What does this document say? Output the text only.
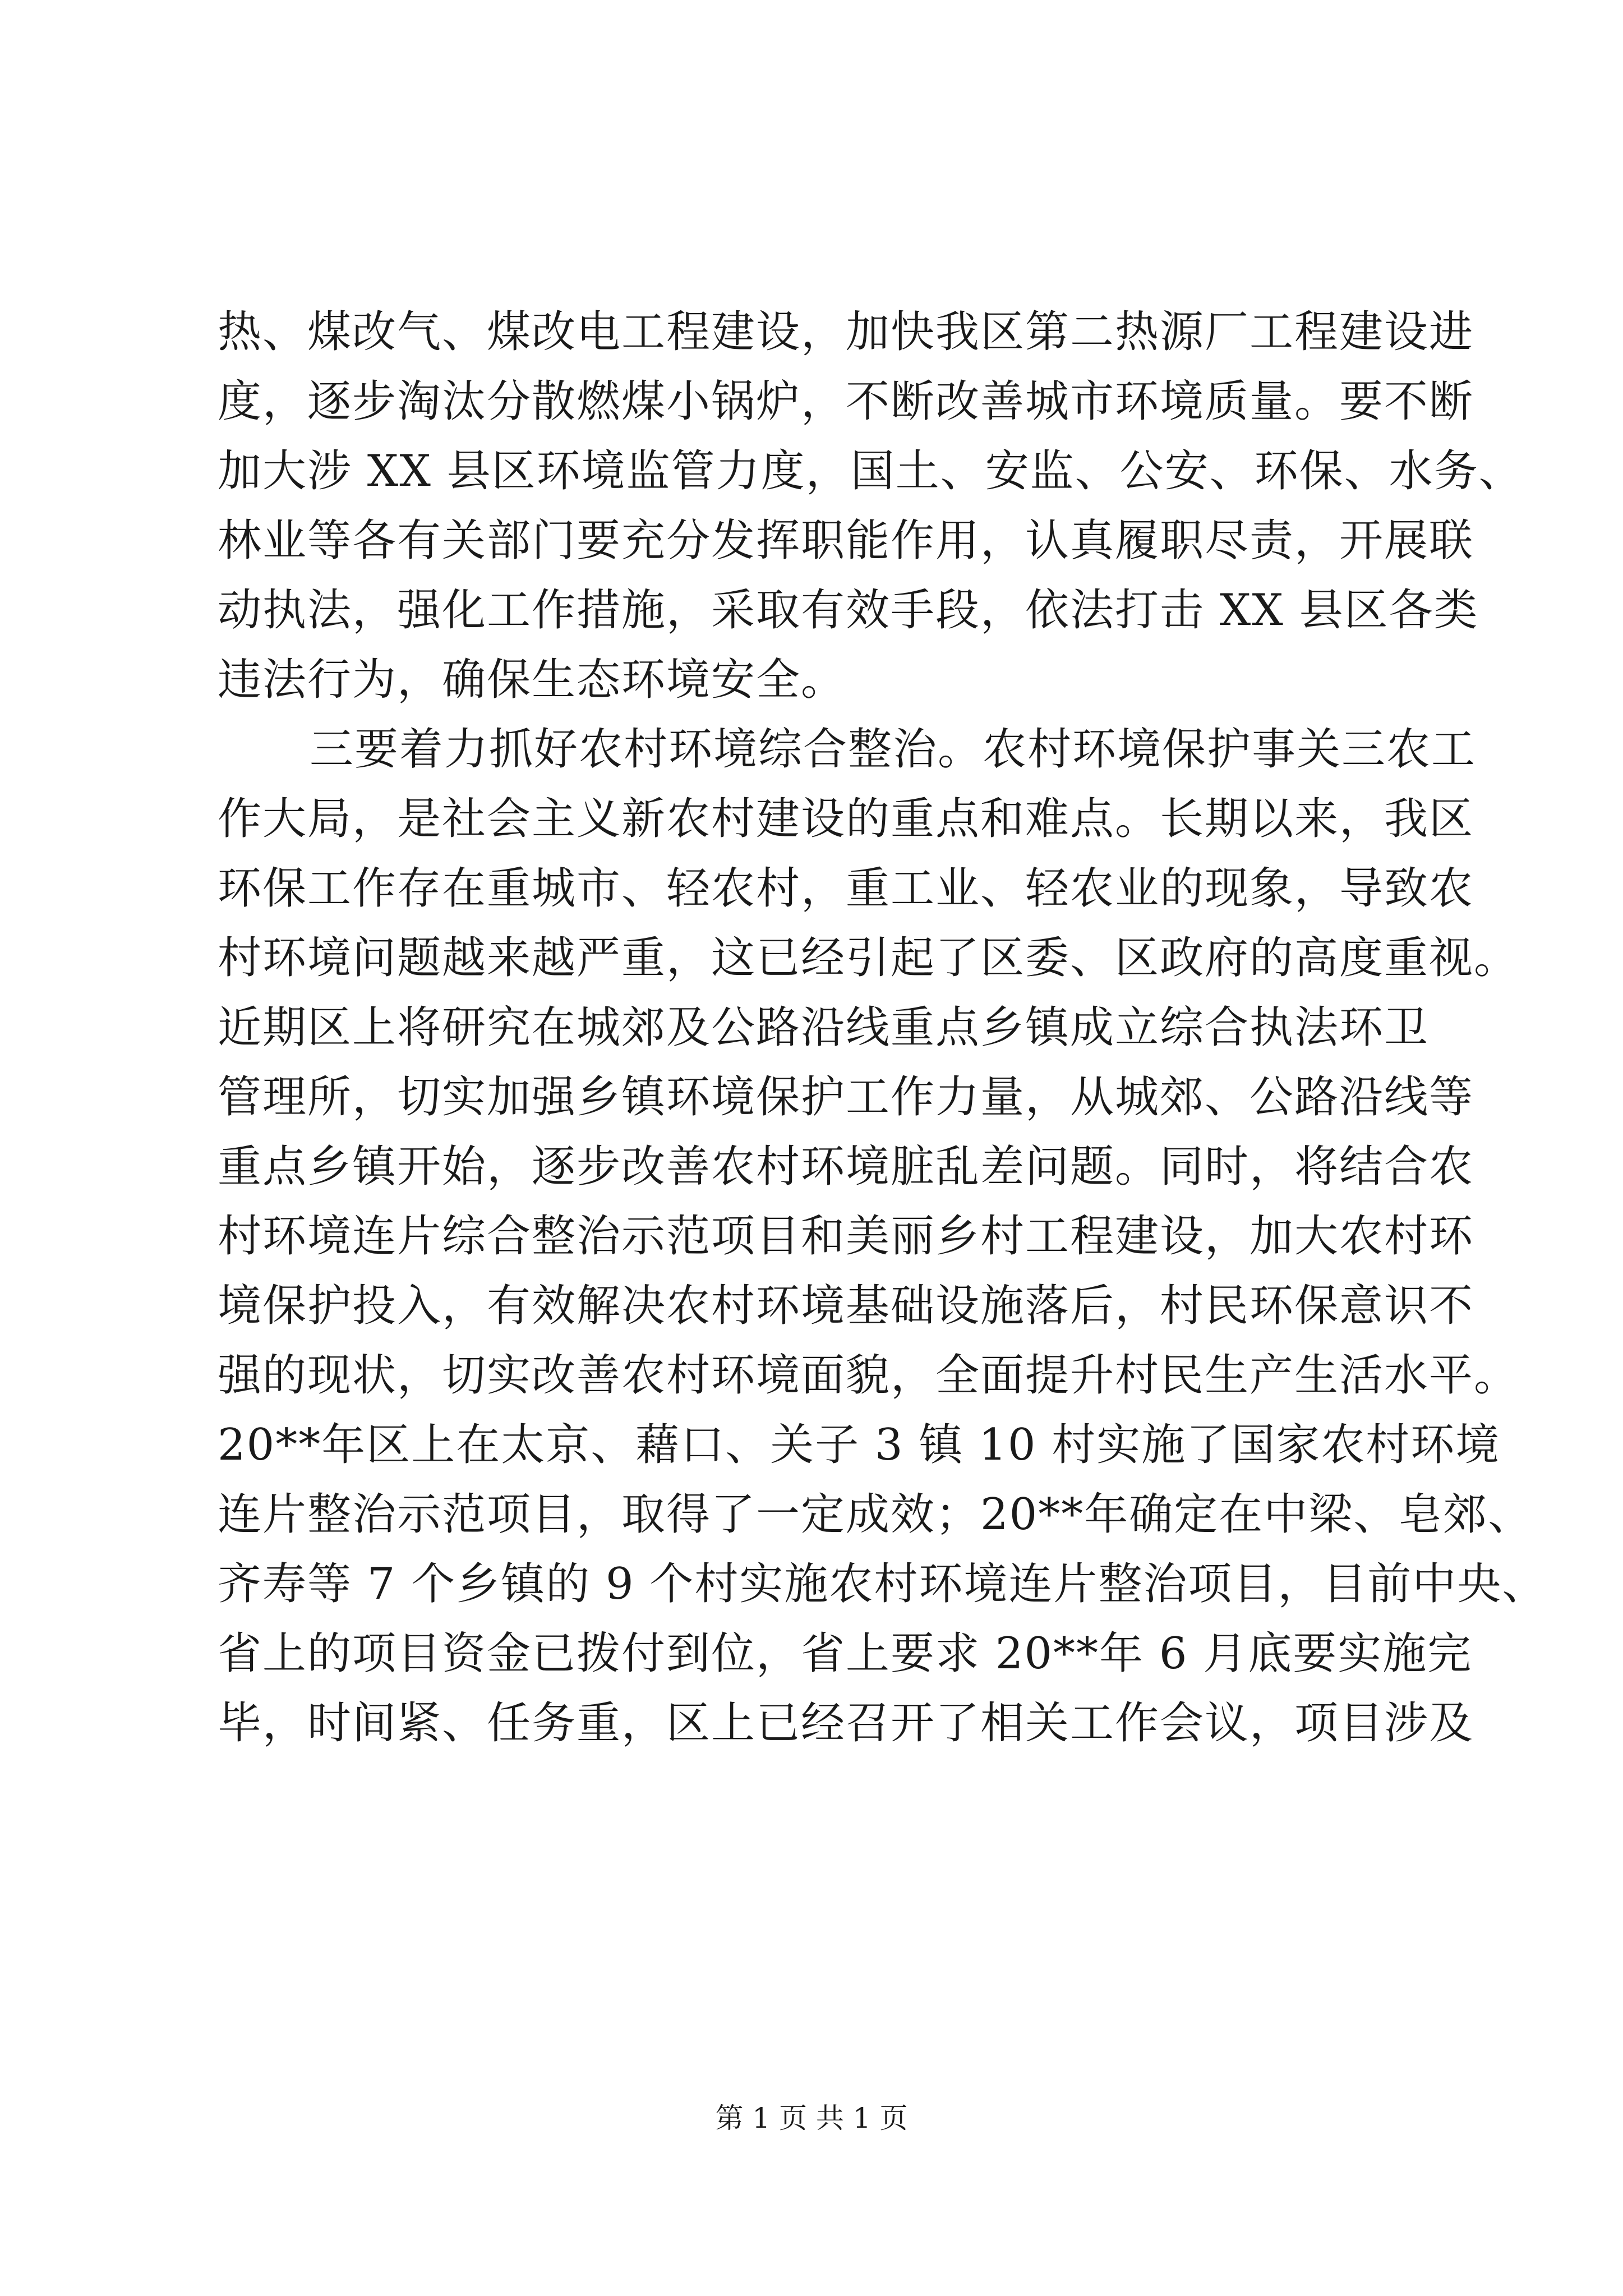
热、煤改气、煤改电工程建设，加快我区第二热源厂工程建设进
度，逐步淘汰分散燃煤小锅炉，不断改善城市环境质量。要不断
加大涉 XX 县区环境监管力度，国土、安监、公安、环保、水务、
林业等各有关部门要充分发挥职能作用，认真履职尽责，开展联
动执法，强化工作措施，采取有效手段，依法打击 XX 县区各类
违法行为，确保生态环境安全。
三要着力抓好农村环境综合整治。农村环境保护事关三农工
作大局，是社会主义新农村建设的重点和难点。长期以来，我区
环保工作存在重城市、轻农村，重工业、轻农业的现象，导致农
村环境问题越来越严重，这已经引起了区委、区政府的高度重视。
近期区上将研究在城郊及公路沿线重点乡镇成立综合执法环卫
管理所，切实加强乡镇环境保护工作力量，从城郊、公路沿线等
重点乡镇开始，逐步改善农村环境脏乱差问题。同时，将结合农
村环境连片综合整治示范项目和美丽乡村工程建设，加大农村环
境保护投入，有效解决农村环境基础设施落后，村民环保意识不
强的现状，切实改善农村环境面貌，全面提升村民生产生活水平。
20**年区上在太京、藉口、关子 3 镇 10 村实施了国家农村环境
连片整治示范项目，取得了一定成效；20**年确定在中梁、皂郊、
齐寿等 7 个乡镇的 9 个村实施农村环境连片整治项目，目前中央、
省上的项目资金已拨付到位，省上要求 20**年 6 月底要实施完
毕，时间紧、任务重，区上已经召开了相关工作会议，项目涉及
第 1 页 共 1 页
